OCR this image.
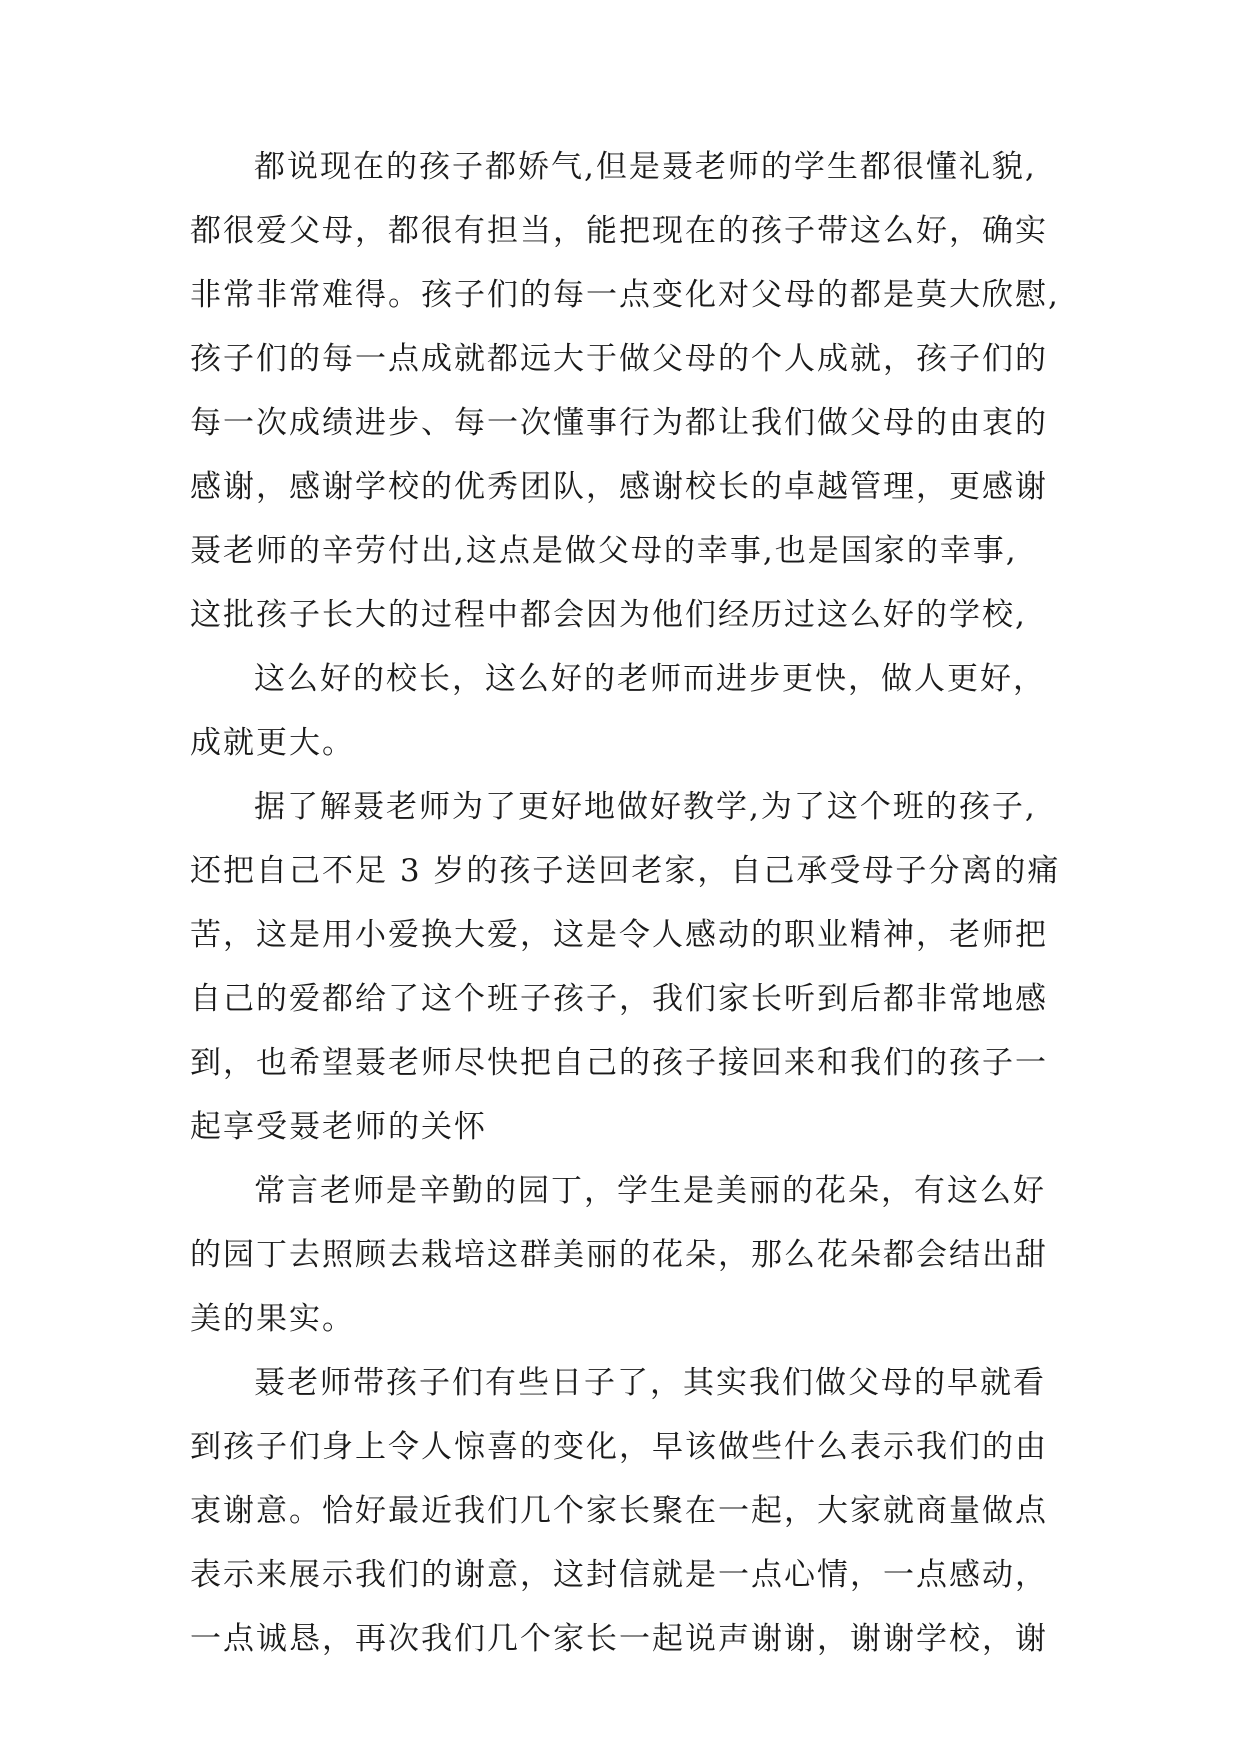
都说现在的孩子都娇气,但是聂老师的学生都很懂礼貌,
都很爱父母，都很有担当，能把现在的孩子带这么好，确实
非常非常难得。孩子们的每一点变化对父母的都是莫大欣慰,
孩子们的每一点成就都远大于做父母的个人成就，孩子们的
每一次成绩进步、每一次懂事行为都让我们做父母的由衷的
感谢，感谢学校的优秀团队，感谢校长的卓越管理，更感谢
聂老师的辛劳付出,这点是做父母的幸事,也是国家的幸事,
这批孩子长大的过程中都会因为他们经历过这么好的学校,
这么好的校长，这么好的老师而进步更快，做人更好，
成就更大。
据了解聂老师为了更好地做好教学,为了这个班的孩子,
还把自己不足 3 岁的孩子送回老家，自己承受母子分离的痛
苦，这是用小爱换大爱，这是令人感动的职业精神，老师把
自己的爱都给了这个班子孩子，我们家长听到后都非常地感
到，也希望聂老师尽快把自己的孩子接回来和我们的孩子一
起享受聂老师的关怀
常言老师是辛勤的园丁，学生是美丽的花朵，有这么好
的园丁去照顾去栽培这群美丽的花朵，那么花朵都会结出甜
美的果实。
聂老师带孩子们有些日子了，其实我们做父母的早就看
到孩子们身上令人惊喜的变化，早该做些什么表示我们的由
衷谢意。恰好最近我们几个家长聚在一起，大家就商量做点
表示来展示我们的谢意，这封信就是一点心情，一点感动，
一点诚恳，再次我们几个家长一起说声谢谢，谢谢学校，谢
